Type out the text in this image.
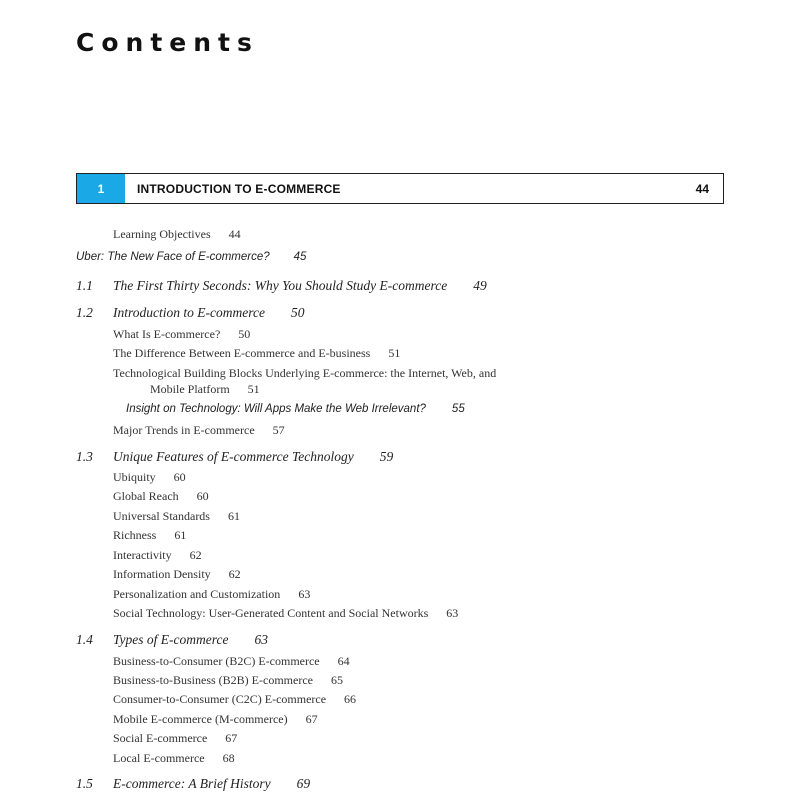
Contents
1	INTRODUCTION TO E-COMMERCE	44
Learning Objectives 44
Uber: The New Face of E-commerce? 45
1.1 The First Thirty Seconds: Why You Should Study E-commerce 49
1.2 Introduction to E-commerce 50
What Is E-commerce? 50
The Difference Between E-commerce and E-business 51
Technological Building Blocks Underlying E-commerce: the Internet, Web, and
Mobile Platform 51
Insight on Technology: Will Apps Make the Web Irrelevant? 55
Major Trends in E-commerce 57
1.3 Unique Features of E-commerce Technology 59
Ubiquity 60
Global Reach 60
Universal Standards 61
Richness 61
Interactivity 62
Information Density 62
Personalization and Customization 63
Social Technology: User-Generated Content and Social Networks 63
1.4 Types of E-commerce 63
Business-to-Consumer (B2C) E-commerce 64
Business-to-Business (B2B) E-commerce 65
Consumer-to-Consumer (C2C) E-commerce 66
Mobile E-commerce (M-commerce) 67
Social E-commerce 67
Local E-commerce 68
1.5 E-commerce: A Brief History 69
